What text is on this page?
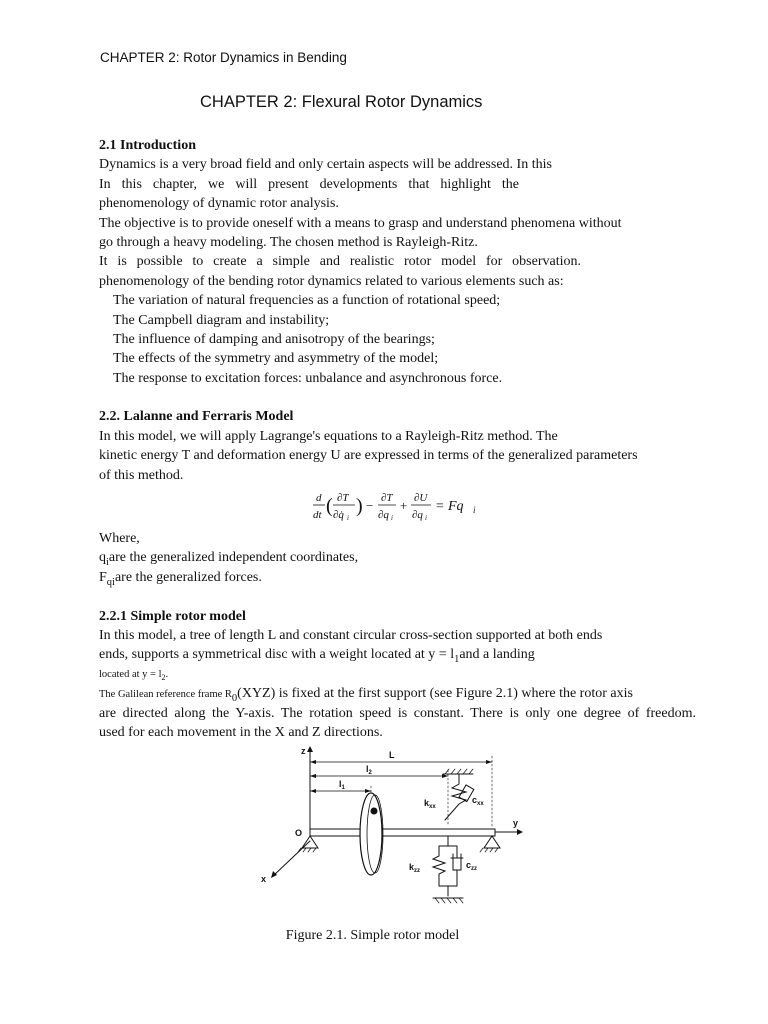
CHAPTER 2: Rotor Dynamics in Bending
CHAPTER 2: Flexural Rotor Dynamics
2.1 Introduction
Dynamics is a very broad field and only certain aspects will be addressed. In this
In this chapter, we will present developments that highlight the
phenomenology of dynamic rotor analysis.
The objective is to provide oneself with a means to grasp and understand phenomena without
go through a heavy modeling. The chosen method is Rayleigh-Ritz.
It is possible to create a simple and realistic rotor model for observation.
phenomenology of the bending rotor dynamics related to various elements such as:
The variation of natural frequencies as a function of rotational speed;
The Campbell diagram and instability;
The influence of damping and anisotropy of the bearings;
The effects of the symmetry and asymmetry of the model;
The response to excitation forces: unbalance and asynchronous force.
2.2. Lalanne and Ferraris Model
In this model, we will apply Lagrange's equations to a Rayleigh-Ritz method. The
kinetic energy T and deformation energy U are expressed in terms of the generalized parameters
of this method.
d
dt ( ∂T
∂q̇ i
) − ∂T
∂q i
+ ∂U
∂q i
= Fq i
Where,
$q_iare$ the generalized independent coordinates,
$F_{qi}are$ the generalized forces.
2.2.1 Simple rotor model
In this model, a tree of length L and constant circular cross-section supported at both ends
ends, supports a symmetrical disc with a weight located at $y = l_1and$ a landing
located at $y = l_2$.
The Galilean reference frame $R_0(XYZ)$ is fixed at the first support (see Figure 2.1) where the rotor axis
are directed along the Y-axis. The rotation speed is constant. There is only one degree of freedom.
used for each movement in the X and Z directions.
z	L
$l_2$
$l_1$
$k_{xx}$
$c_{xx}$
y
O
$k_{zz}$
$c_{zz}$
x
Figure 2.1. Simple rotor model
